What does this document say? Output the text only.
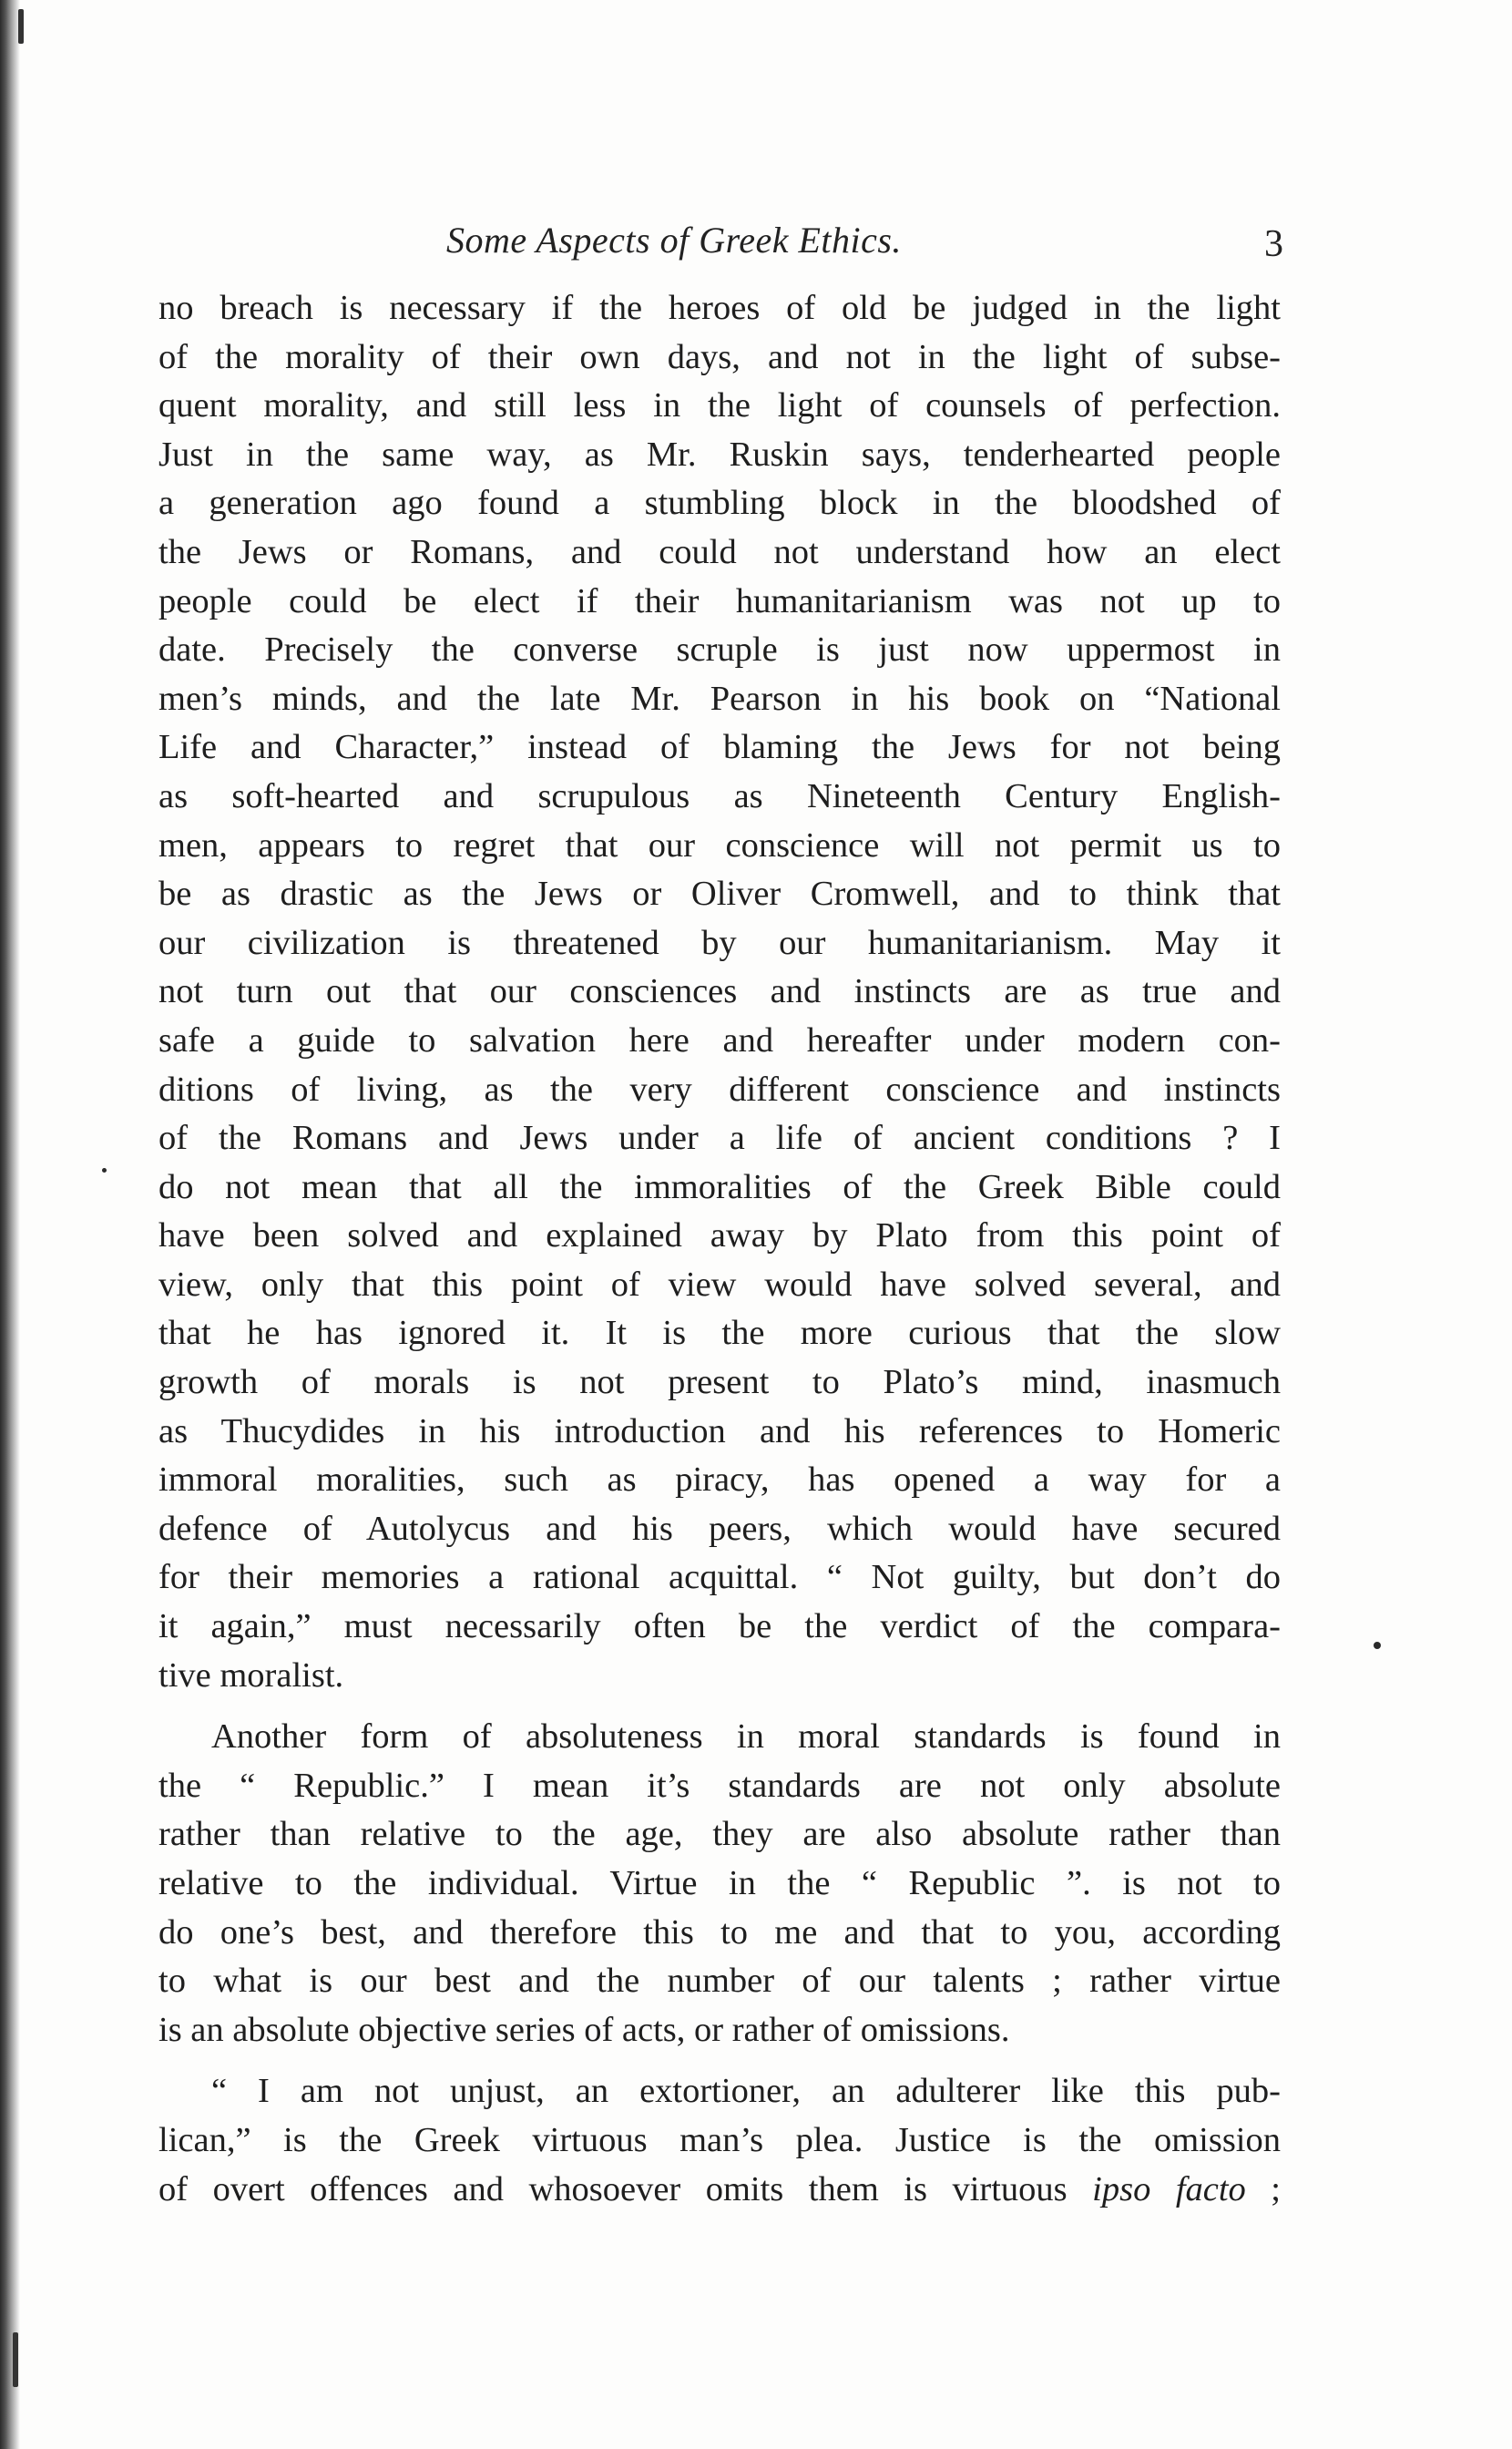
Some Aspects of Greek Ethics.	3
no breach is necessary if the heroes of old be judged in the light
of the morality of their own days, and not in the light of subse-
quent morality, and still less in the light of counsels of perfection.
Just in the same way, as Mr. Ruskin says, tenderhearted people
a generation ago found a stumbling block in the bloodshed of
the Jews or Romans, and could not understand how an elect
people could be elect if their humanitarianism was not up to
date. Precisely the converse scruple is just now uppermost in
men’s minds, and the late Mr. Pearson in his book on “National
Life and Character,” instead of blaming the Jews for not being
as soft-hearted and scrupulous as Nineteenth Century English-
men, appears to regret that our conscience will not permit us to
be as drastic as the Jews or Oliver Cromwell, and to think that
our civilization is threatened by our humanitarianism. May it
not turn out that our consciences and instincts are as true and
safe a guide to salvation here and hereafter under modern con-
ditions of living, as the very different conscience and instincts
of the Romans and Jews under a life of ancient conditions ? I
do not mean that all the immoralities of the Greek Bible could
have been solved and explained away by Plato from this point of
view, only that this point of view would have solved several, and
that he has ignored it. It is the more curious that the slow
growth of morals is not present to Plato’s mind, inasmuch
as Thucydides in his introduction and his references to Homeric
immoral moralities, such as piracy, has opened a way for a
defence of Autolycus and his peers, which would have secured
for their memories a rational acquittal. “ Not guilty, but don’t do
it again,” must necessarily often be the verdict of the compara-
tive moralist.
Another form of absoluteness in moral standards is found in
the “ Republic.” I mean it’s standards are not only absolute
rather than relative to the age, they are also absolute rather than
relative to the individual. Virtue in the “ Republic ”. is not to
do one’s best, and therefore this to me and that to you, according
to what is our best and the number of our talents ; rather virtue
is an absolute objective series of acts, or rather of omissions.
“ I am not unjust, an extortioner, an adulterer like this pub-
lican,” is the Greek virtuous man’s plea. Justice is the omission
of overt offences and whosoever omits them is virtuous ipso facto ;
